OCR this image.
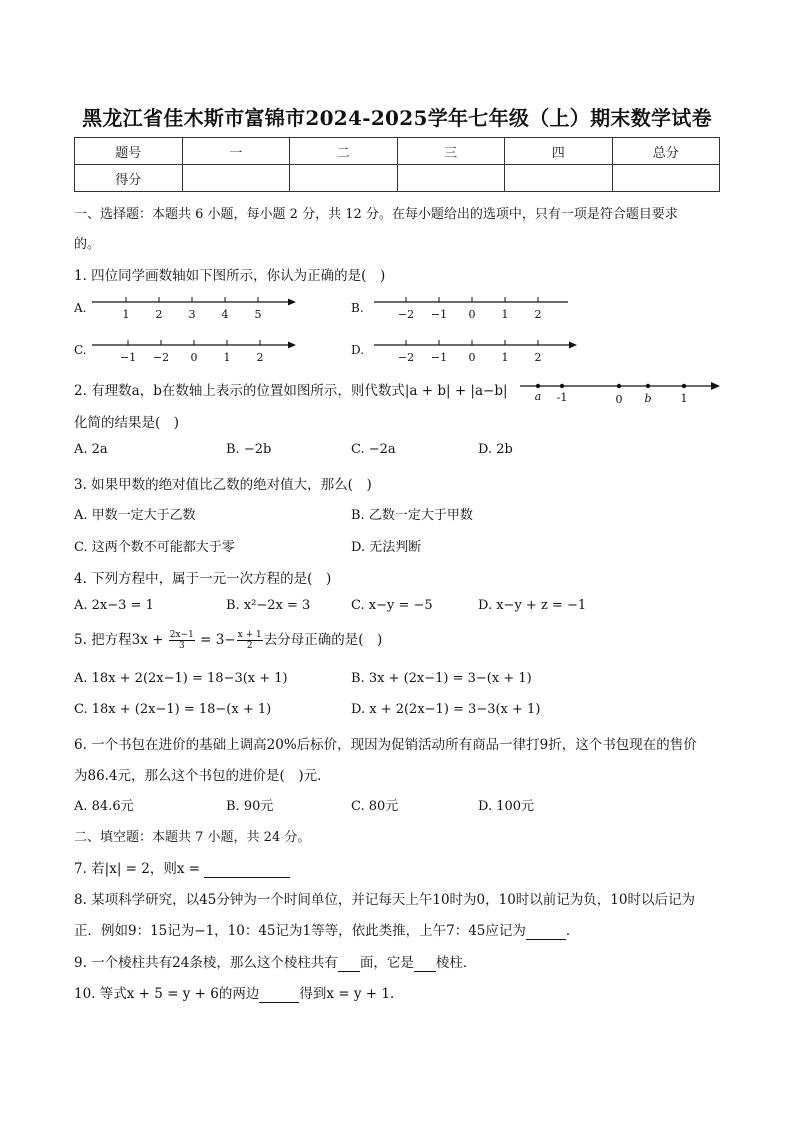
黑龙江省佳木斯市富锦市2024-2025学年七年级（上）期末数学试卷
题号	一	二	三	四	总分
得分					
一、选择题：本题共 6 小题，每小题 2 分，共 12 分。在每小题给出的选项中，只有一项是符合题目要求
的。
1. 四位同学画数轴如下图所示，你认为正确的是(　)
A.	1 2 3 4 5	B.	−2 −1 0 1 2
C.
−1 −2 0 1 2
D.
−2 −1 0 1 2
2. 有理数a，b在数轴上表示的位置如图所示，则代数式|a + b| + |a−b|
化简的结果是(　)
a -1	0 b	1
A. 2a	B. −2b	C. −2a	D. 2b
3. 如果甲数的绝对值比乙数的绝对值大，那么(　)
A. 甲数一定大于乙数	B. 乙数一定大于甲数
C. 这两个数不可能都大于零	D. 无法判断
4. 下列方程中，属于一元一次方程的是(　)
A. 2x−3 = 1	B. x²−2x = 3	C. x−y = −5	D. x−y + z = −1
5. 把方程$3x + \frac{2x-1}{3} = 3- \frac{x + 1}{2}$ 去分母正确的是(　)
A. 18x + 2(2x−1) = 18−3(x + 1)	B. 3x + (2x−1) = 3−(x + 1)
C. 18x + (2x−1) = 18−(x + 1)	D. x + 2(2x−1) = 3−3(x + 1)
6. 一个书包在进价的基础上调高20%后标价，现因为促销活动所有商品一律打9折，这个书包现在的售价
为86.4元，那么这个书包的进价是(　)元．
A. 84.6元	B. 90元	C. 80元	D. 100元
二、填空题：本题共 7 小题，共 24 分。
7. 若|x| = 2，则x =
8. 某项科学研究，以45分钟为一个时间单位，并记每天上午10时为0，10时以前记为负，10时以后记为
正．例如9：15记为−1，10：45记为1等等，依此类推，上午7：45应记为	．
9. 一个棱柱共有24条棱，那么这个棱柱共有 面，它是 棱柱．
10. 等式x + 5 = y + 6的两边	得到x = y + 1．
